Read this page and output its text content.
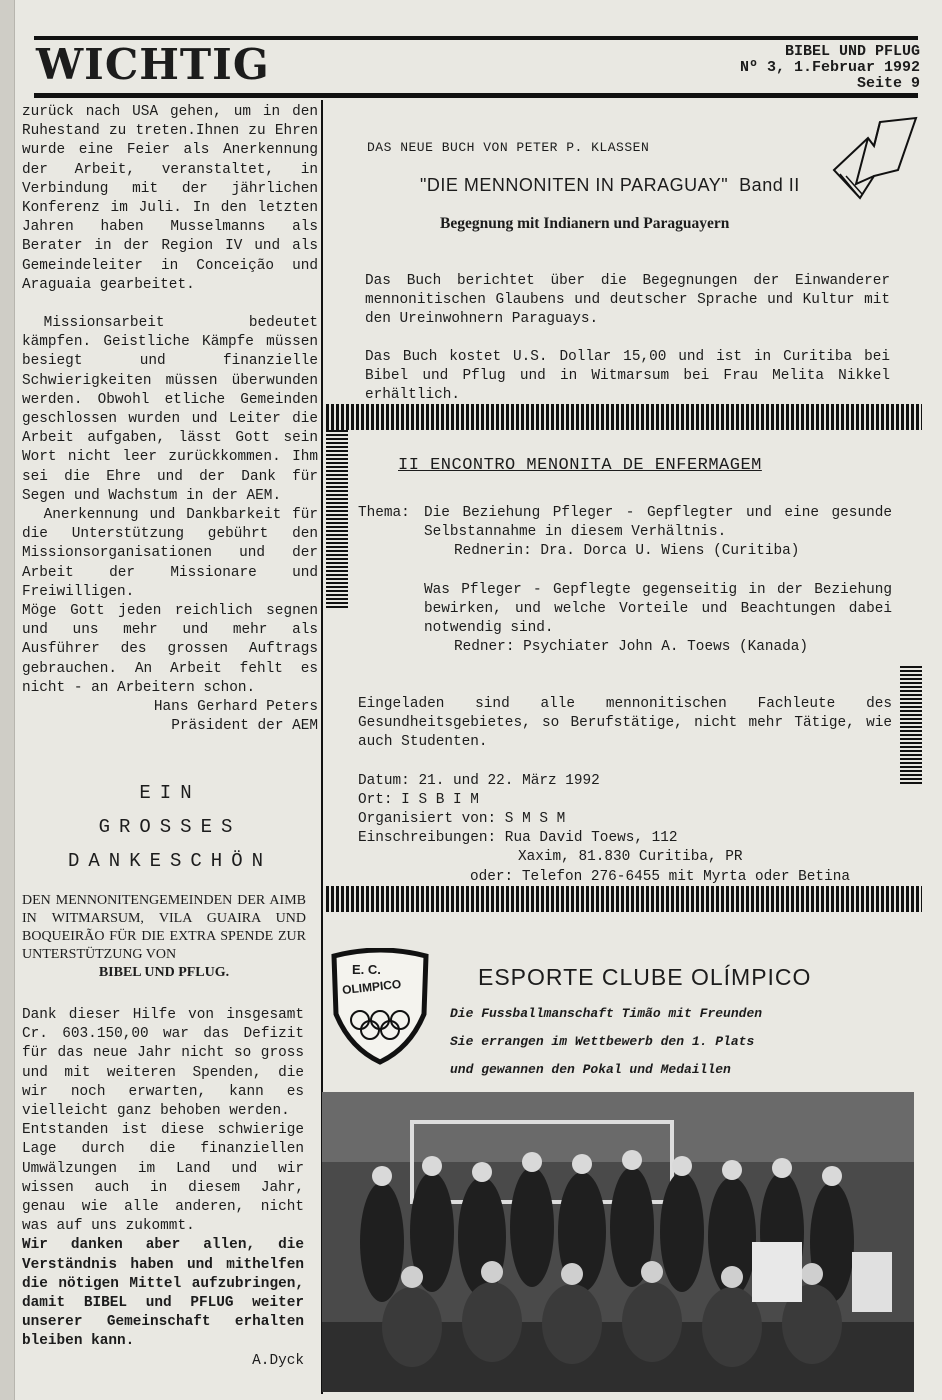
WICHTIG	BIBEL UND PFLUG
Nº 3, 1.Februar 1992
Seite 9

zurück nach USA gehen, um in den Ruhestand zu treten.Ihnen zu Ehren wurde eine Feier als Anerkennung der Arbeit, veranstaltet, in Verbindung mit der jährlichen Konferenz im Juli. In den letzten Jahren haben Musselmanns als Berater in der Region IV und als Gemeindeleiter in Conceição und Araguaia gearbeitet.

Missionsarbeit bedeutet kämpfen. Geistliche Kämpfe müssen besiegt und finanzielle Schwierigkeiten müssen überwunden werden. Obwohl etliche Gemeinden geschlossen wurden und Leiter die Arbeit aufgaben, lässt Gott sein Wort nicht leer zurückkommen. Ihm sei die Ehre und der Dank für Segen und Wachstum in der AEM.

Anerkennung und Dankbarkeit für die Unterstützung gebührt den Missionsorganisationen und der Arbeit der Missionare und Freiwilligen.

Möge Gott jeden reichlich segnen und uns mehr und mehr als Ausführer des grossen Auftrags gebrauchen. An Arbeit fehlt es nicht - an Arbeitern schon.

Hans Gerhard Peters

Präsident der AEM

EIN
GROSSES
DANKESCHÖN

DEN MENNONITENGEMEINDEN DER AIMB IN WITMARSUM, VILA GUAIRA UND BOQUEIRÃO FÜR DIE EXTRA SPENDE ZUR UNTERSTÜTZUNG VON

BIBEL UND PFLUG.

Dank dieser Hilfe von insgesamt Cr. 603.150,00 war das Defizit für das neue Jahr nicht so gross und mit weiteren Spenden, die wir noch erwarten, kann es vielleicht ganz behoben werden.

Entstanden ist diese schwierige Lage durch die finanziellen Umwälzungen im Land und wir wissen auch in diesem Jahr, genau wie alle anderen, nicht was auf uns zukommt.

Wir danken aber allen, die Verständnis haben und mithelfen die nötigen Mittel aufzubringen, damit BIBEL und PFLUG weiter unserer Gemeinschaft erhalten bleiben kann.

A.Dyck

DAS NEUE BUCH VON PETER P. KLASSEN
"DIE MENNONITEN IN PARAGUAY" Band II
Begegnung mit Indianern und Paraguayern

Das Buch berichtet über die Begegnungen der Einwanderer mennonitischen Glaubens und deutscher Sprache und Kultur mit den Ureinwohnern Paraguays.

Das Buch kostet U.S. Dollar 15,00 und ist in Curitiba bei Bibel und Pflug und in Witmarsum bei Frau Melita Nikkel erhältlich.

II ENCONTRO MENONITA DE ENFERMAGEM
Thema: Die Beziehung Pfleger - Gepflegter und eine gesunde Selbstannahme in diesem Verhältnis.

Rednerin: Dra. Dorca U. Wiens (Curitiba)

Was Pfleger - Gepflegte gegenseitig in der Beziehung bewirken, und welche Vorteile und Beachtungen dabei notwendig sind.

Redner: Psychiater John A. Toews (Kanada)

Eingeladen sind alle mennonitischen Fachleute des Gesundheitsgebietes, so Berufstätige, nicht mehr Tätige, wie auch Studenten.

Datum: 21. und 22. März 1992

Ort: I S B I M

Organisiert von: S M S M

Einschreibungen: Rua David Toews, 112

Xaxim, 81.830 Curitiba, PR

oder: Telefon 276-6455 mit Myrta oder Betina

E. C.
OLIMPICO	ESPORTE CLUBE OLÍMPICO

Die Fussballmanschaft Timão mit Freunden

Sie errangen im Wettbewerb den 1. Plats

und gewannen den Pokal und Medaillen
